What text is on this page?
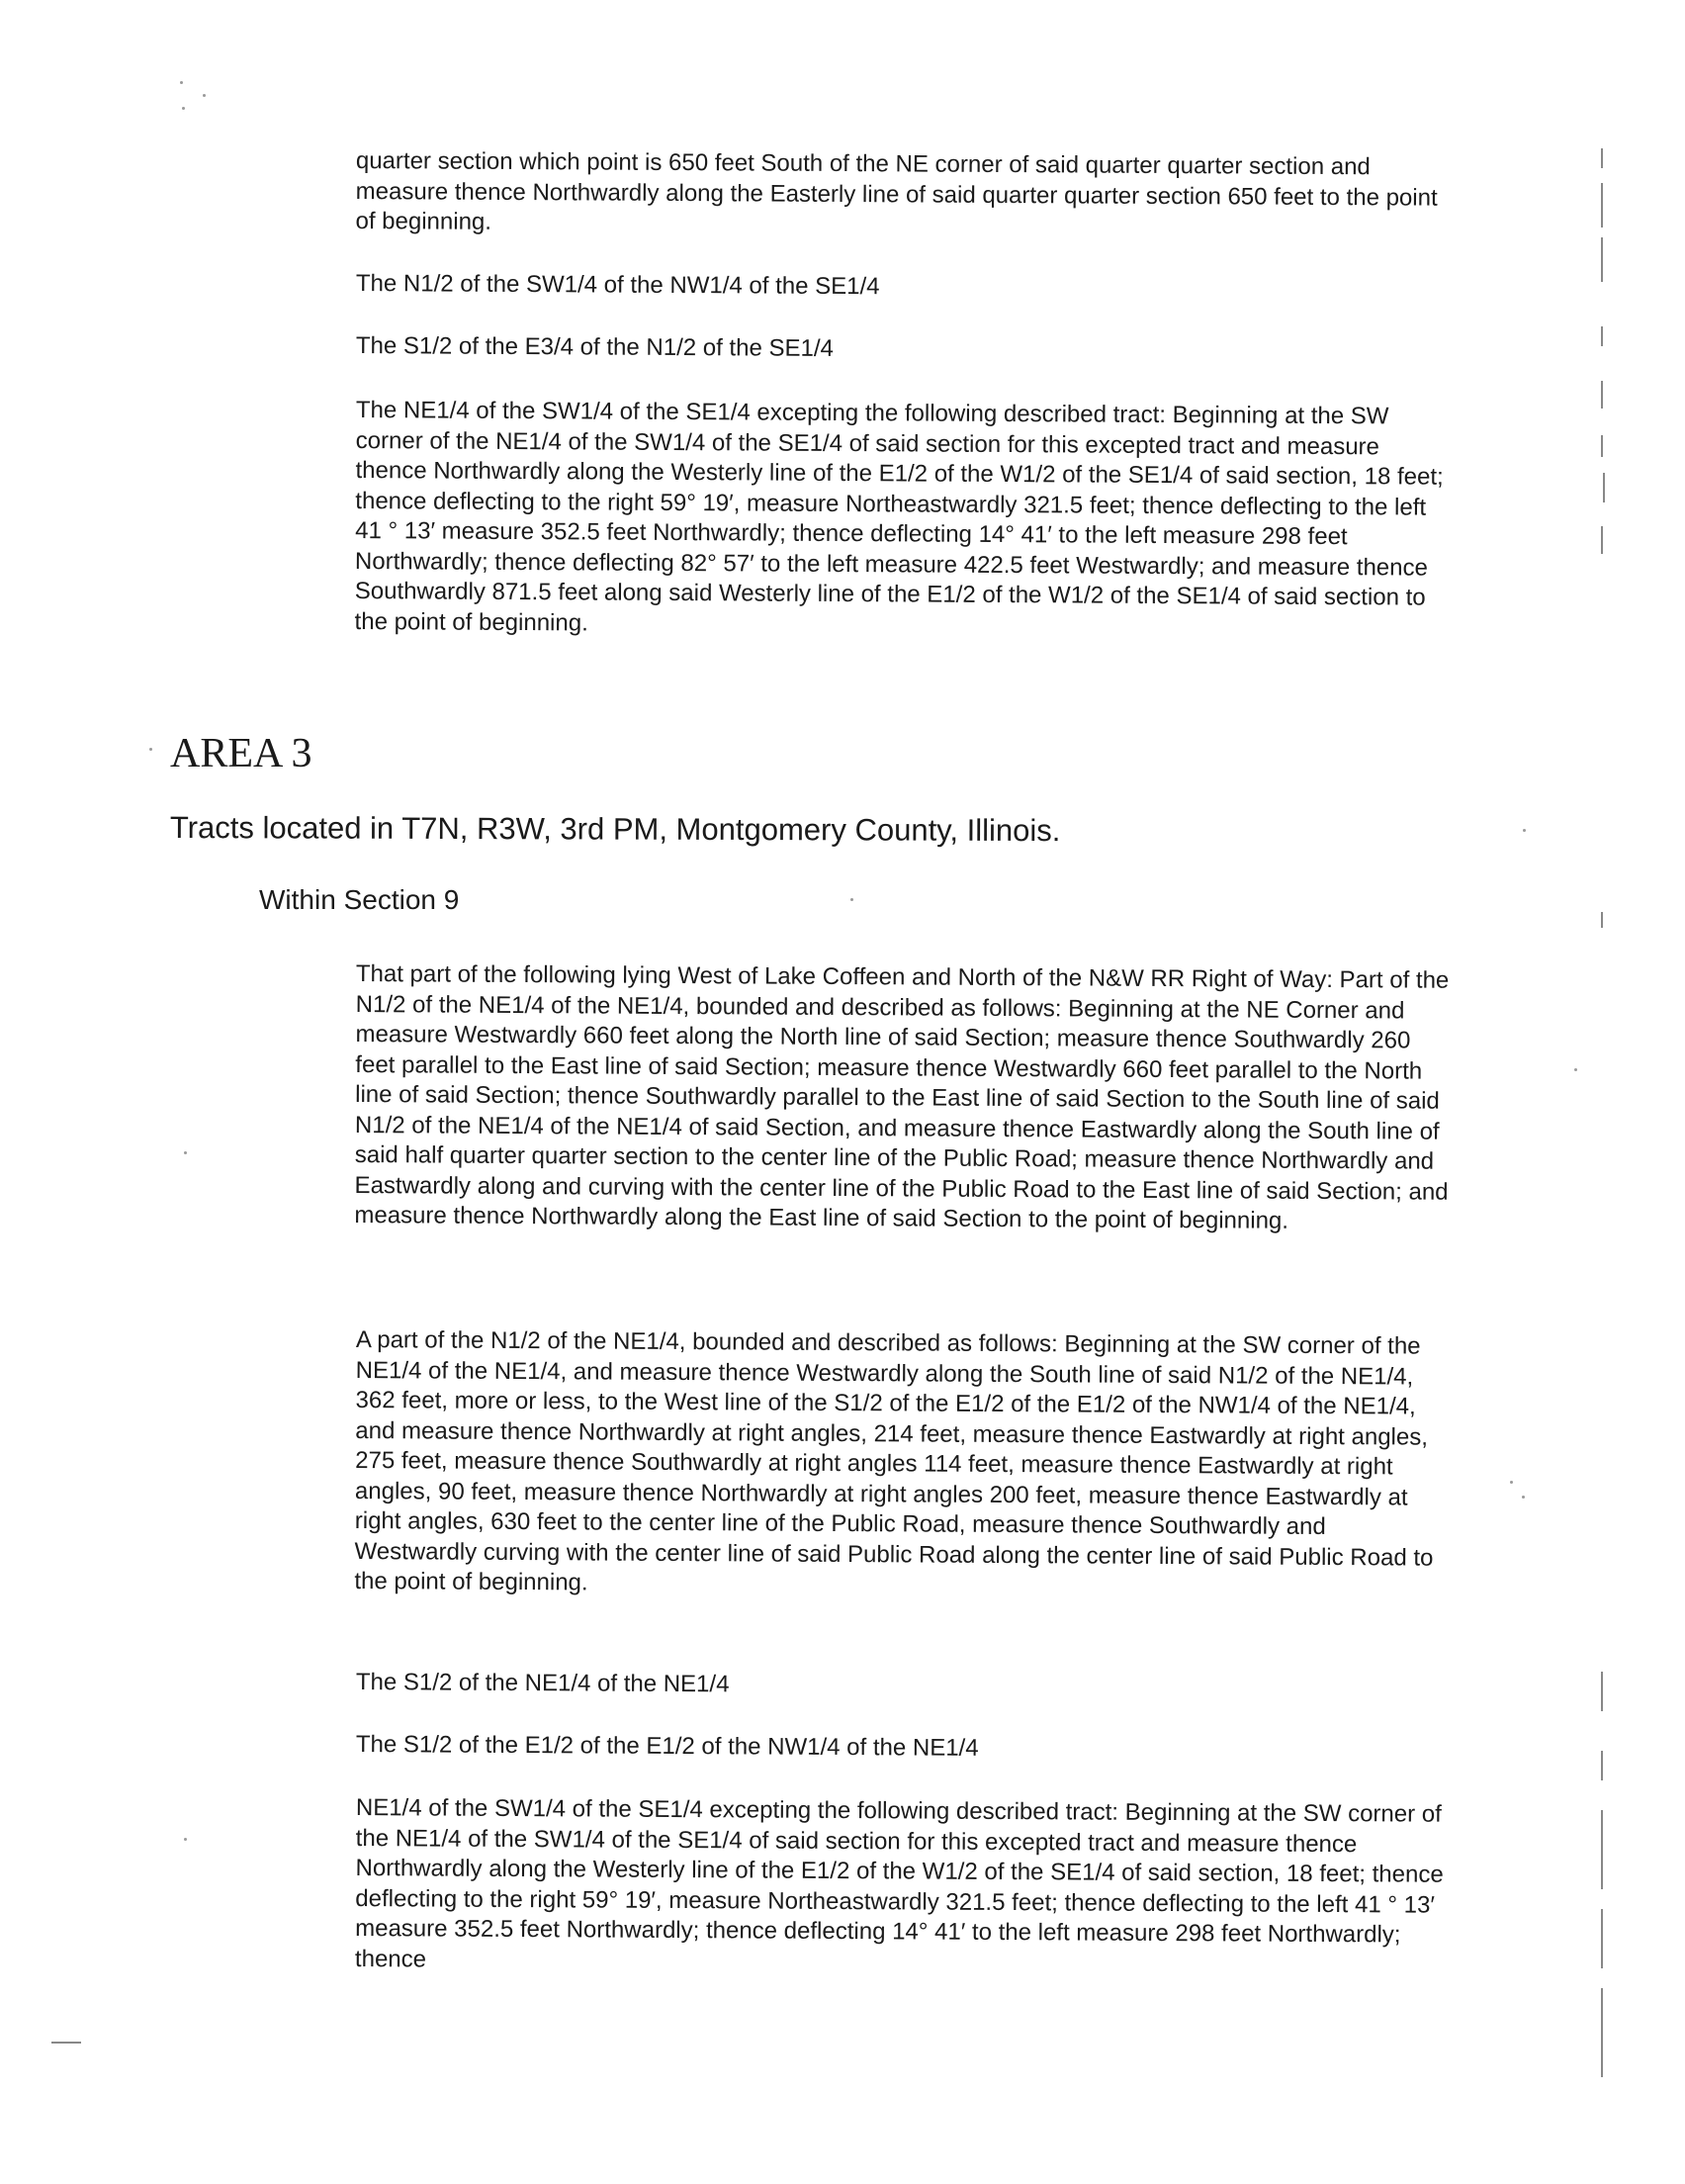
quarter section which point is 650 feet South of the NE corner of said quarter quarter section and measure thence Northwardly along the Easterly line of said quarter quarter section 650 feet to the point of beginning.

The N1/2 of the SW1/4 of the NW1/4 of the SE1/4

The S1/2 of the E3/4 of the N1/2 of the SE1/4

The NE1/4 of the SW1/4 of the SE1/4 excepting the following described tract: Beginning at the SW corner of the NE1/4 of the SW1/4 of the SE1/4 of said section for this excepted tract and measure thence Northwardly along the Westerly line of the E1/2 of the W1/2 of the SE1/4 of said section, 18 feet; thence deflecting to the right 59° 19′, measure Northeastwardly 321.5 feet; thence deflecting to the left 41 ° 13′ measure 352.5 feet Northwardly; thence deflecting 14° 41′ to the left measure 298 feet Northwardly; thence deflecting 82° 57′ to the left measure 422.5 feet Westwardly; and measure thence Southwardly 871.5 feet along said Westerly line of the E1/2 of the W1/2 of the SE1/4 of said section to the point of beginning.

AREA 3

Tracts located in T7N, R3W, 3rd PM, Montgomery County, Illinois.

Within Section 9

That part of the following lying West of Lake Coffeen and North of the N&W RR Right of Way: Part of the N1/2 of the NE1/4 of the NE1/4, bounded and described as follows: Beginning at the NE Corner and measure Westwardly 660 feet along the North line of said Section; measure thence Southwardly 260 feet parallel to the East line of said Section; measure thence Westwardly 660 feet parallel to the North line of said Section; thence Southwardly parallel to the East line of said Section to the South line of said N1/2 of the NE1/4 of the NE1/4 of said Section, and measure thence Eastwardly along the South line of said half quarter quarter section to the center line of the Public Road; measure thence Northwardly and Eastwardly along and curving with the center line of the Public Road to the East line of said Section; and measure thence Northwardly along the East line of said Section to the point of beginning.

A part of the N1/2 of the NE1/4, bounded and described as follows: Beginning at the SW corner of the NE1/4 of the NE1/4, and measure thence Westwardly along the South line of said N1/2 of the NE1/4, 362 feet, more or less, to the West line of the S1/2 of the E1/2 of the E1/2 of the NW1/4 of the NE1/4, and measure thence Northwardly at right angles, 214 feet, measure thence Eastwardly at right angles, 275 feet, measure thence Southwardly at right angles 114 feet, measure thence Eastwardly at right angles, 90 feet, measure thence Northwardly at right angles 200 feet, measure thence Eastwardly at right angles, 630 feet to the center line of the Public Road, measure thence Southwardly and Westwardly curving with the center line of said Public Road along the center line of said Public Road to the point of beginning.

The S1/2 of the NE1/4 of the NE1/4

The S1/2 of the E1/2 of the E1/2 of the NW1/4 of the NE1/4

NE1/4 of the SW1/4 of the SE1/4 excepting the following described tract: Beginning at the SW corner of the NE1/4 of the SW1/4 of the SE1/4 of said section for this excepted tract and measure thence Northwardly along the Westerly line of the E1/2 of the W1/2 of the SE1/4 of said section, 18 feet; thence deflecting to the right 59° 19′, measure Northeastwardly 321.5 feet; thence deflecting to the left 41 ° 13′ measure 352.5 feet Northwardly; thence deflecting 14° 41′ to the left measure 298 feet Northwardly; thence
